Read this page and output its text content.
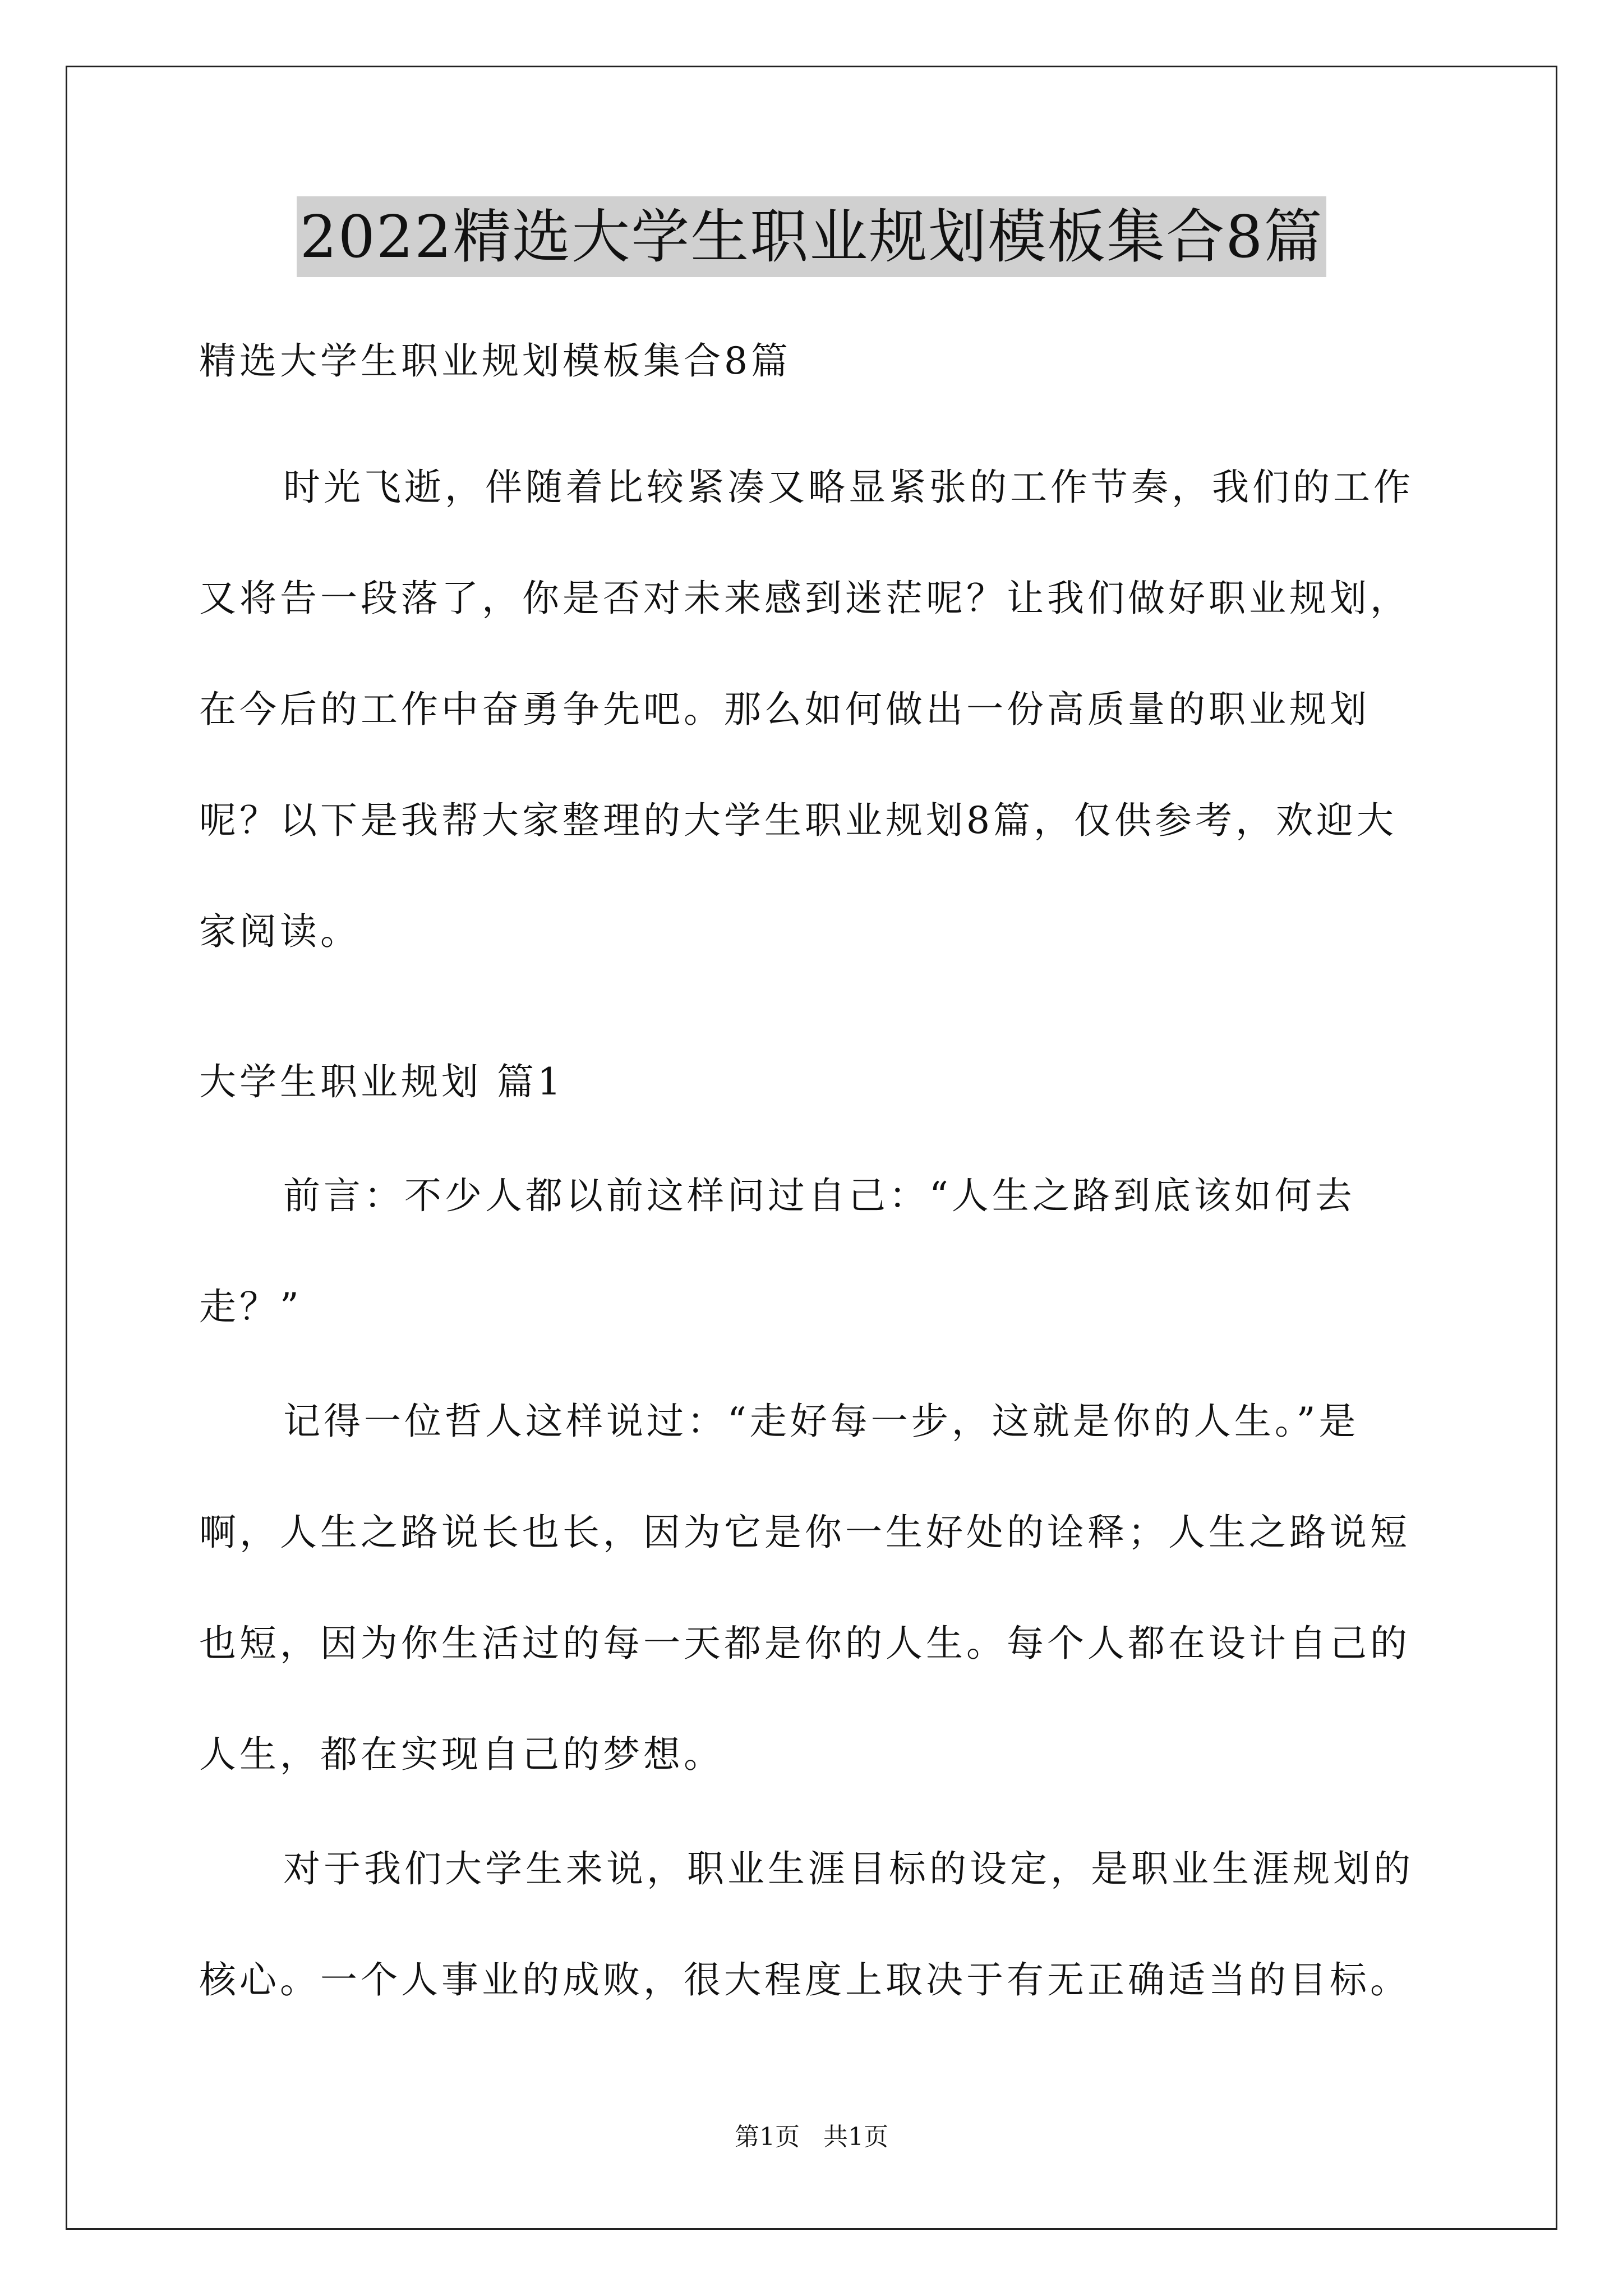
2022精选大学生职业规划模板集合8篇

精选大学生职业规划模板集合8篇

时光飞逝，伴随着比较紧凑又略显紧张的工作节奏，我们的工作又将告一段落了，你是否对未来感到迷茫呢？让我们做好职业规划，在今后的工作中奋勇争先吧。那么如何做出一份高质量的职业规划呢？以下是我帮大家整理的大学生职业规划8篇，仅供参考，欢迎大家阅读。

大学生职业规划 篇1

前言：不少人都以前这样问过自己：“人生之路到底该如何去走？”

记得一位哲人这样说过：“走好每一步，这就是你的人生。”是啊，人生之路说长也长，因为它是你一生好处的诠释；人生之路说短也短，因为你生活过的每一天都是你的人生。每个人都在设计自己的人生，都在实现自己的梦想。

对于我们大学生来说，职业生涯目标的设定，是职业生涯规划的核心。一个人事业的成败，很大程度上取决于有无正确适当的目标。

第1页 共1页
